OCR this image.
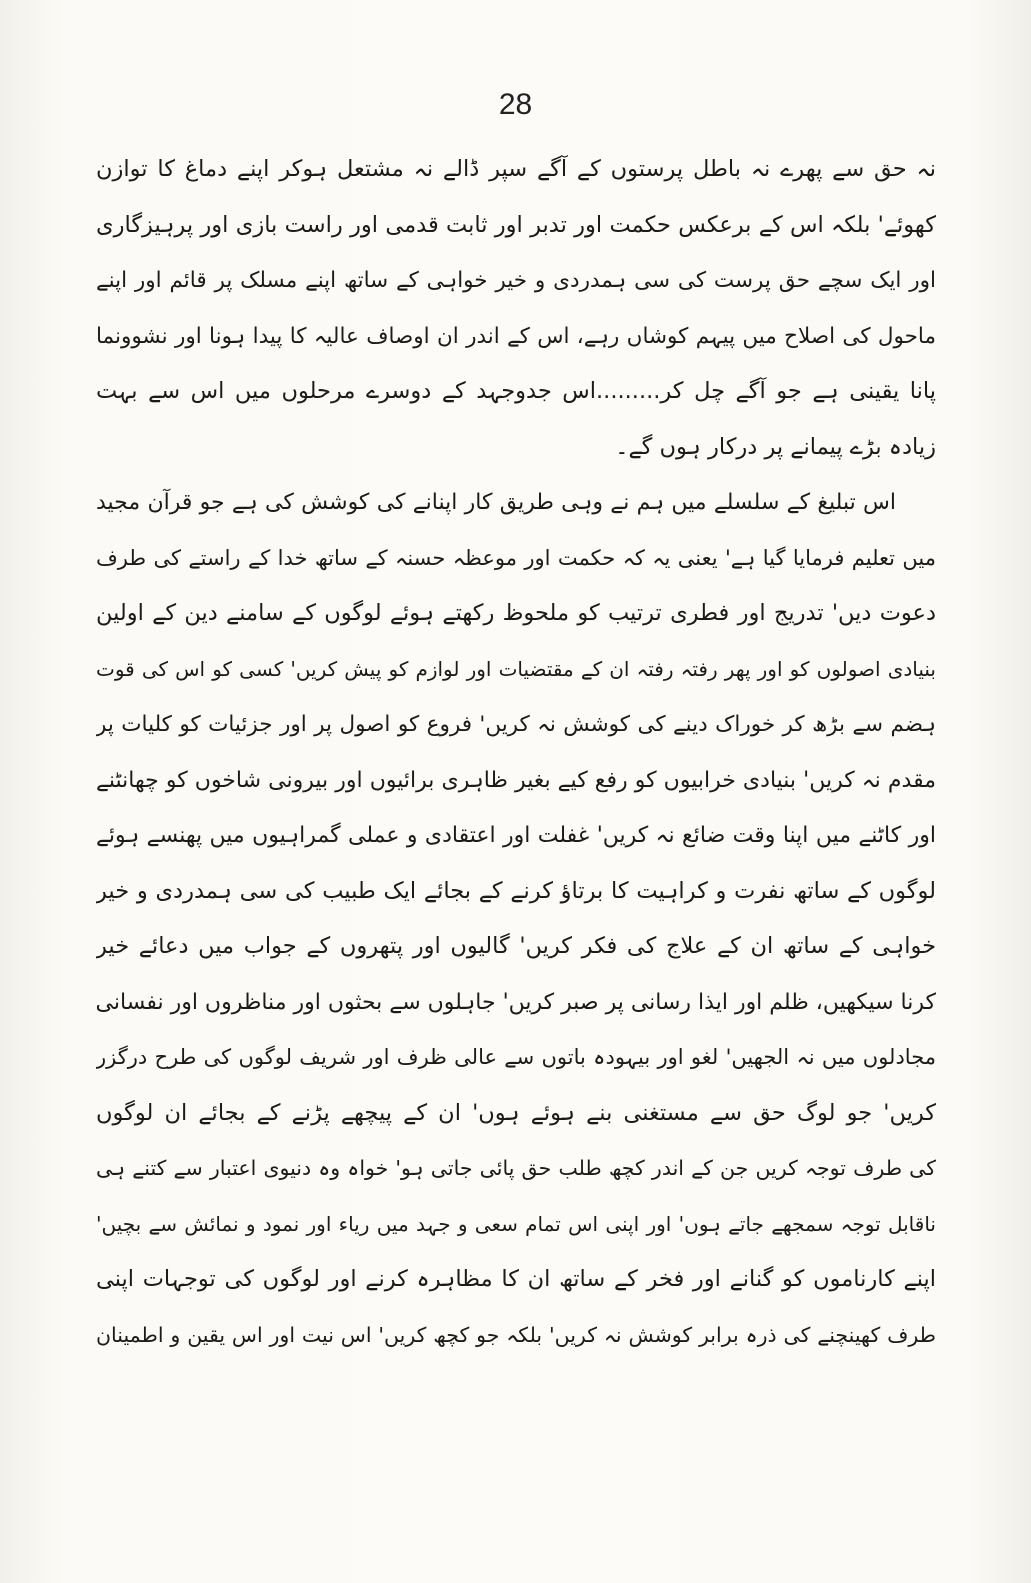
28
نہ حق سے پھرے نہ باطل پرستوں کے آگے سپر ڈالے نہ مشتعل ہوکر اپنے دماغ کا توازن
کھوئے' بلکہ اس کے برعکس حکمت اور تدبر اور ثابت قدمی اور راست بازی اور پرہیزگاری
اور ایک سچے حق پرست کی سی ہمدردی و خیر خواہی کے ساتھ اپنے مسلک پر قائم اور اپنے
ماحول کی اصلاح میں پیہم کوشاں رہے، اس کے اندر ان اوصاف عالیہ کا پیدا ہونا اور نشوونما
پانا یقینی ہے جو آگے چل کر.........اس جدوجہد کے دوسرے مرحلوں میں اس سے بہت
زیادہ بڑے پیمانے پر درکار ہوں گے۔
اس تبلیغ کے سلسلے میں ہم نے وہی طریق کار اپنانے کی کوشش کی ہے جو قرآن مجید
میں تعلیم فرمایا گیا ہے' یعنی یہ کہ حکمت اور موعظہ حسنہ کے ساتھ خدا کے راستے کی طرف
دعوت دیں' تدریج اور فطری ترتیب کو ملحوظ رکھتے ہوئے لوگوں کے سامنے دین کے اولین
بنیادی اصولوں کو اور پھر رفتہ رفتہ ان کے مقتضیات اور لوازم کو پیش کریں' کسی کو اس کی قوت
ہضم سے بڑھ کر خوراک دینے کی کوشش نہ کریں' فروع کو اصول پر اور جزئیات کو کلیات پر
مقدم نہ کریں' بنیادی خرابیوں کو رفع کیے بغیر ظاہری برائیوں اور بیرونی شاخوں کو چھانٹنے
اور کاٹنے میں اپنا وقت ضائع نہ کریں' غفلت اور اعتقادی و عملی گمراہیوں میں پھنسے ہوئے
لوگوں کے ساتھ نفرت و کراہیت کا برتاؤ کرنے کے بجائے ایک طبیب کی سی ہمدردی و خیر
خواہی کے ساتھ ان کے علاج کی فکر کریں' گالیوں اور پتھروں کے جواب میں دعائے خیر
کرنا سیکھیں، ظلم اور ایذا رسانی پر صبر کریں' جاہلوں سے بحثوں اور مناظروں اور نفسانی
مجادلوں میں نہ الجھیں' لغو اور بیہودہ باتوں سے عالی ظرف اور شریف لوگوں کی طرح درگزر
کریں' جو لوگ حق سے مستغنی بنے ہوئے ہوں' ان کے پیچھے پڑنے کے بجائے ان لوگوں
کی طرف توجہ کریں جن کے اندر کچھ طلب حق پائی جاتی ہو' خواہ وہ دنیوی اعتبار سے کتنے ہی
ناقابل توجہ سمجھے جاتے ہوں' اور اپنی اس تمام سعی و جہد میں ریاء اور نمود و نمائش سے بچیں'
اپنے کارناموں کو گنانے اور فخر کے ساتھ ان کا مظاہرہ کرنے اور لوگوں کی توجہات اپنی
طرف کھینچنے کی ذرہ برابر کوشش نہ کریں' بلکہ جو کچھ کریں' اس نیت اور اس یقین و اطمینان
